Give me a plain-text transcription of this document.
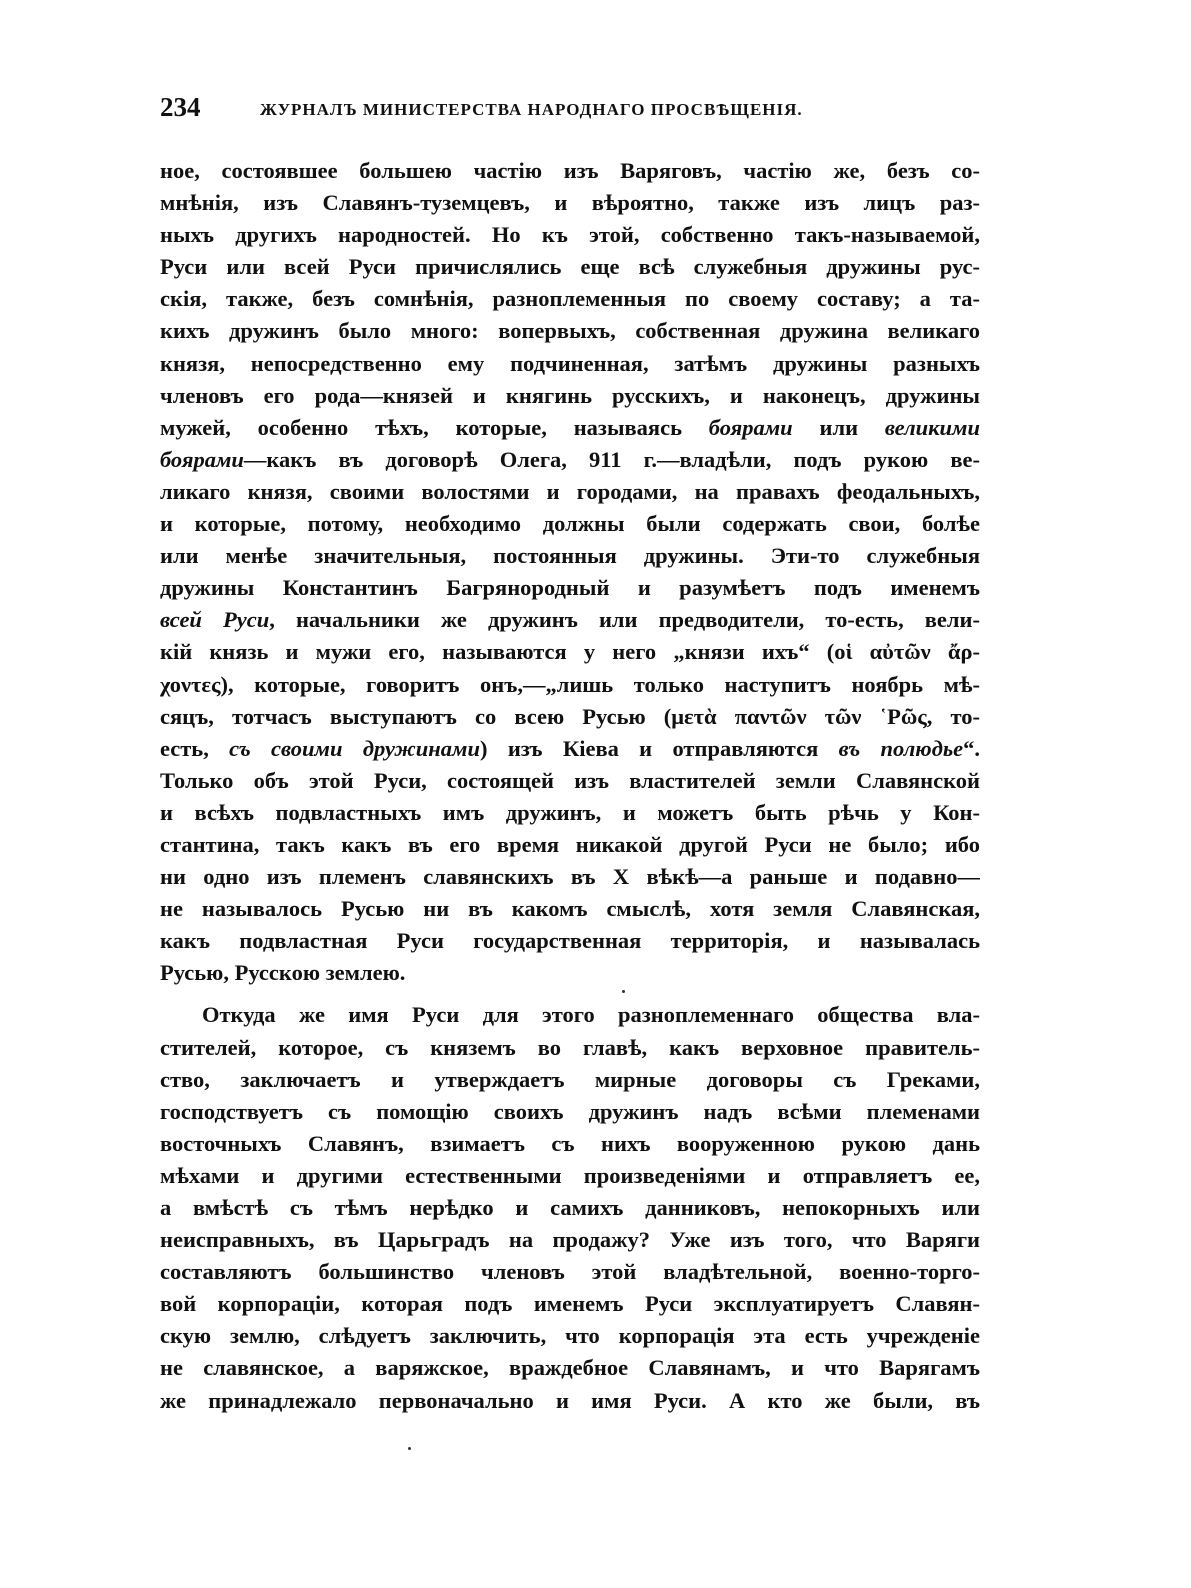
234	ЖУРНАЛЪ МИНИСТЕРСТВА НАРОДНАГО ПРОСВѢЩЕНІЯ.
ное, состоявшее большею частію изъ Варяговъ, частію же, безъ со-
мнѣнія, изъ Славянъ-туземцевъ, и вѣроятно, также изъ лицъ раз-
ныхъ другихъ народностей. Но къ этой, собственно такъ-называемой,
Руси или всей Руси причислялись еще всѣ служебныя дружины рус-
скія, также, безъ сомнѣнія, разноплеменныя по своему составу; а та-
кихъ дружинъ было много: вопервыхъ, собственная дружина великаго
князя, непосредственно ему подчиненная, затѣмъ дружины разныхъ
членовъ его рода—князей и княгинь русскихъ, и наконецъ, дружины
мужей, особенно тѣхъ, которые, называясь боярами или великими
боярами—какъ въ договорѣ Олега, 911 г.—владѣли, подъ рукою ве-
ликаго князя, своими волостями и городами, на правахъ феодальныхъ,
и которые, потому, необходимо должны были содержать свои, болѣе
или менѣе значительныя, постоянныя дружины. Эти-то служебныя
дружины Константинъ Багрянородный и разумѣетъ подъ именемъ
всей Руси, начальники же дружинъ или предводители, то-есть, вели-
кій князь и мужи его, называются у него „князи ихъ“ (οἱ αὐτῶν ἄρ-
χοντες), которые, говоритъ онъ,—„лишь только наступитъ ноябрь мѣ-
сяцъ, тотчасъ выступаютъ со всею Русью (μετὰ παντῶν τῶν ῾Ρῶς, то-
есть, съ своими дружинами) изъ Кіева и отправляются въ полюдье“.
Только объ этой Руси, состоящей изъ властителей земли Славянской
и всѣхъ подвластныхъ имъ дружинъ, и можетъ быть рѣчь у Кон-
стантина, такъ какъ въ его время никакой другой Руси не было; ибо
ни одно изъ племенъ славянскихъ въ X вѣкѣ—а раньше и подавно—
не называлось Русью ни въ какомъ смыслѣ, хотя земля Славянская,
какъ подвластная Руси государственная территорія, и называлась
Русью, Русскою землею.
Откуда же имя Руси для этого разноплеменнаго общества вла-
стителей, которое, съ княземъ во главѣ, какъ верховное правитель-
ство, заключаетъ и утверждаетъ мирные договоры съ Греками,
господствуетъ съ помощію своихъ дружинъ надъ всѣми племенами
восточныхъ Славянъ, взимаетъ съ нихъ вооруженною рукою дань
мѣхами и другими естественными произведеніями и отправляетъ ее,
а вмѣстѣ съ тѣмъ нерѣдко и самихъ данниковъ, непокорныхъ или
неисправныхъ, въ Царьградъ на продажу? Уже изъ того, что Варяги
составляютъ большинство членовъ этой владѣтельной, военно-торго-
вой корпораціи, которая подъ именемъ Руси эксплуатируетъ Славян-
скую землю, слѣдуетъ заключить, что корпорація эта есть учрежденіе
не славянское, а варяжское, враждебное Славянамъ, и что Варягамъ
же принадлежало первоначально и имя Руси. А кто же были, въ
